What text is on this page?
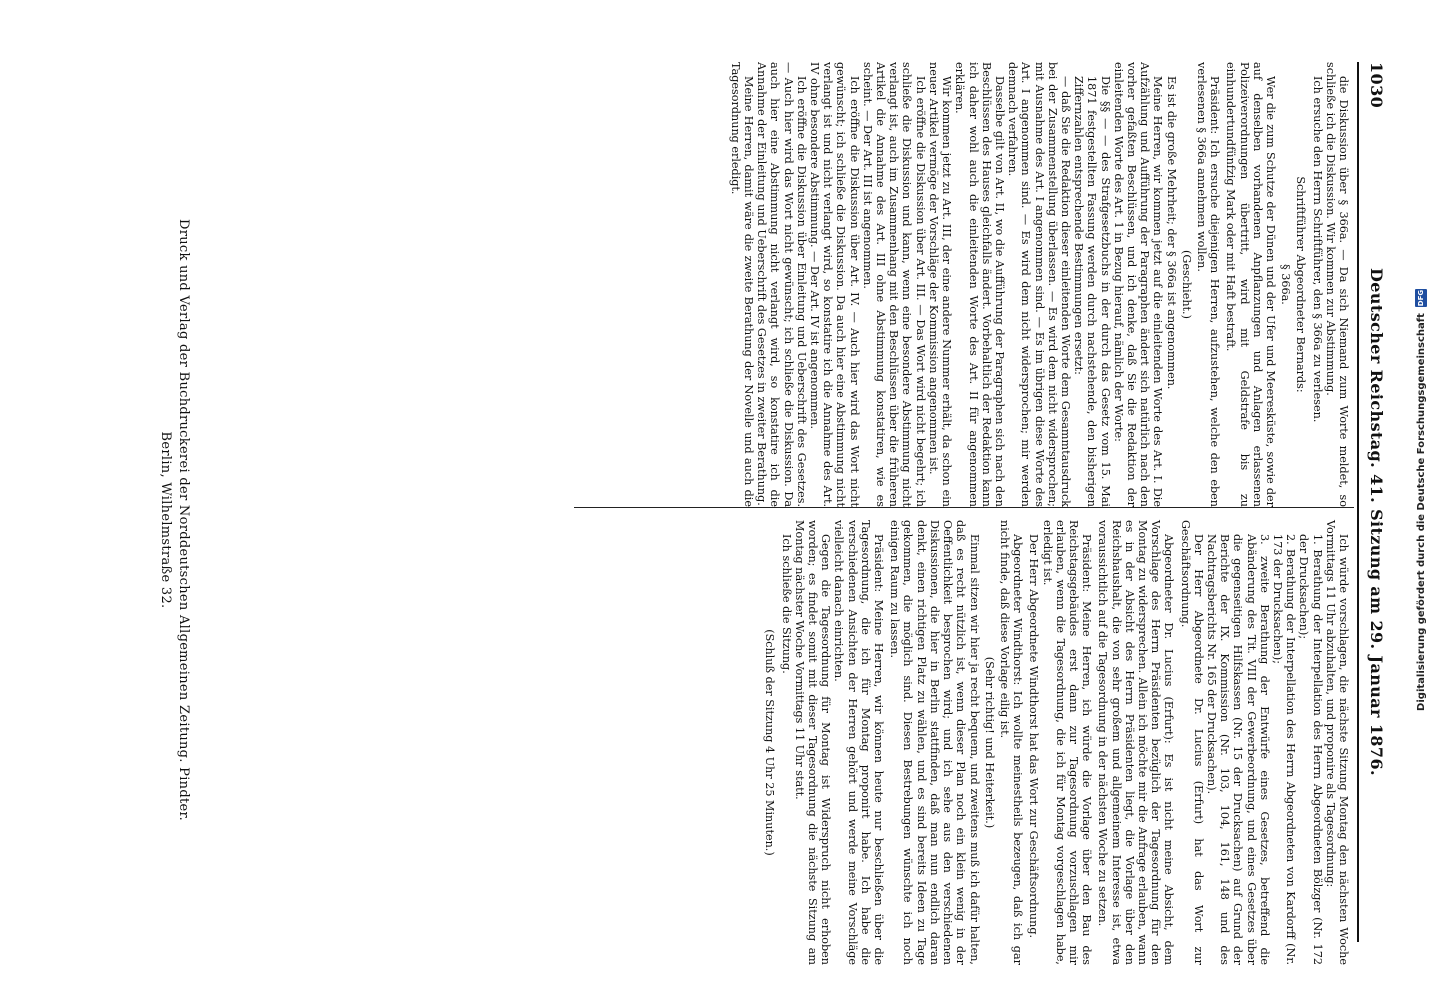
1030
Deutscher Reichstag. 41. Sitzung am 29. Januar 1876.

die Diskussion über § 366a. — Da sich Niemand zum Worte meldet, so schließe ich die Diskussion. Wir kommen zur Abstimmung.

Ich ersuche den Herrn Schriftführer, den § 366a zu verlesen.

Schriftführer Abgeordneter Bernards:

§ 366a.

Wer die zum Schutze der Dünen und der Ufer und Meeresküste, sowie der auf denselben vorhandenen Anpflanzungen und Anlagen erlassenen Polizeiverordnungen übertritt, wird mit Geldstrafe bis zu einhundertundfünfzig Mark oder mit Haft bestraft.

Präsident: Ich ersuche diejenigen Herren, aufzustehen, welche den eben verlesenen § 366a annehmen wollen.

(Geschieht.)

Es ist die große Mehrheit; der § 366a ist angenommen.

Meine Herren, wir kommen jetzt auf die einleitenden Worte des Art. I. Die Aufzählung und Aufführung der Paragraphen ändert sich natürlich nach den vorher gefaßten Beschlüssen, und ich denke, daß Sie die Redaktion der einleitenden Worte des Art. 1 in Bezug hierauf, nämlich der Worte:

Die §§ — — des Strafgesetzbuchs in der durch das Gesetz vom 15. Mai 1871 festgestellten Fassung werden durch nachstehende, den bisherigen Ziffernzahlen entsprechende Bestimmungen ersetzt:

— daß Sie die Redaktion dieser einleitenden Worte dem Gesammtausdruck bei der Zusammenstellung überlassen. — Es wird dem nicht widersprochen; mit Ausnahme des Art. I angenommen sind. — Es im übrigen diese Worte des Art. I angenommen sind. — Es wird dem nicht widersprochen; mir werden demnach verfahren.

Dasselbe gilt von Art. II, wo die Aufführung der Paragraphen sich nach den Beschlüssen des Hauses gleichfalls ändert. Vorbehaltlich der Redaktion kann ich daher wohl auch die einleitenden Worte des Art. II für angenommen erklären.

Wir kommen jetzt zu Art. III, der eine andere Nummer erhält, da schon ein neuer Artikel vermöge der Vorschläge der Kommission angenommen ist.

Ich eröffne die Diskussion über Art. III. — Das Wort wird nicht begehrt; ich schließe die Diskussion und kann, wenn eine besondere Abstimmung nicht verlangt ist, auch im Zusammenhang mit den Beschlüssen über die früheren Artikel die Annahme des Art. III ohne Abstimmung konstatiren, wie es scheint. — Der Art. III ist angenommen.

Ich eröffne die Diskussion über Art. IV. — Auch hier wird das Wort nicht gewünscht; ich schließe die Diskussion. Da auch hier eine Abstimmung nicht verlangt ist und nicht verlangt wird, so konstatire ich die Annahme des Art. IV ohne besondere Abstimmung. — Der Art. IV ist angenommen.

Ich eröffne die Diskussion über Einleitung und Ueberschrift des Gesetzes. — Auch hier wird das Wort nicht gewünscht; ich schließe die Diskussion. Da auch hier eine Abstimmung nicht verlangt wird, so konstatire ich die Annahme der Einleitung und Ueberschrift des Gesetzes in zweiter Berathung.

Meine Herren, damit wäre die zweite Berathung der Novelle und auch die Tagesordnung erledigt.

Ich würde vorschlagen, die nächste Sitzung Montag den nächsten Woche Vormittags 11 Uhr abzuhalten, und proponire als Tagesordnung:

1. Berathung der Interpellation des Herrn Abgeordneten Bölzger (Nr. 172 der Drucksachen);

2. Berathung der Interpellation des Herrn Abgeordneten von Kardorff (Nr. 173 der Drucksachen);

3. zweite Berathung der Entwürfe eines Gesetzes, betreffend die Abänderung des Tit. VIII der Gewerbeordnung, und eines Gesetzes über die gegenseitigen Hilfskassen (Nr. 15 der Drucksachen) auf Grund der Berichte der IX. Kommission (Nr. 103, 104, 161, 148 und des Nachtragsberichts Nr. 165 der Drucksachen).

Der Herr Abgeordnete Dr. Lucius (Erfurt) hat das Wort zur Geschäftsordnung.

Abgeordneter Dr. Lucius (Erfurt): Es ist nicht meine Absicht, dem Vorschlage des Herrn Präsidenten bezüglich der Tagesordnung für den Montag zu widersprechen. Allein ich möchte mir die Anfrage erlauben, wann es in der Absicht des Herrn Präsidenten liegt, die Vorlage über den Reichshaushalt, die von sehr großem und allgemeinem Interesse ist, etwa voraussichtlich auf die Tagesordnung in der nächsten Woche zu setzen.

Präsident: Meine Herren, ich würde die Vorlage über den Bau des Reichstagsgebäudes erst dann zur Tagesordnung vorzuschlagen mir erlauben, wenn die Tagesordnung, die ich für Montag vorgeschlagen habe, erledigt ist.

Der Herr Abgeordnete Windthorst hat das Wort zur Geschäftsordnung.

Abgeordneter Windthorst: Ich wollte meinestheils bezeugen, daß ich gar nicht finde, daß diese Vorlage eilig ist.

(Sehr richtig! und Heiterkeit.)

Einmal sitzen wir hier ja recht bequem, und zweitens muß ich dafür halten, daß es recht nützlich ist, wenn dieser Plan noch ein klein wenig in der Oeffentlichkeit besprochen wird; und ich sehe aus den verschiedenen Diskussionen, die hier in Berlin stattfinden, daß man nun endlich daran denkt, einen richtigen Platz zu wählen, und es sind bereits Ideen zu Tage gekommen, die möglich sind. Diesen Bestrebungen wünschte ich noch einigen Raum zu lassen.

Präsident: Meine Herren, wir können heute nur beschließen über die Tagesordnung, die ich für Montag proponirt habe. Ich habe die verschiedenen Ansichten der Herren gehört und werde meine Vorschläge vielleicht danach einrichten.

Gegen die Tagesordnung für Montag ist Widerspruch nicht erhoben worden; es findet somit mit dieser Tagesordnung die nächste Sitzung am Montag nächster Woche Vormittags 11 Uhr statt.

Ich schließe die Sitzung.

(Schluß der Sitzung 4 Uhr 25 Minuten.)

Druck und Verlag der Buchdruckerei der Norddeutschen Allgemeinen Zeitung. Pindter.
Berlin, Wilhelmstraße 32.	Digitalisierung gefördert durch die Deutsche Forschungsgemeinschaft
DFG
